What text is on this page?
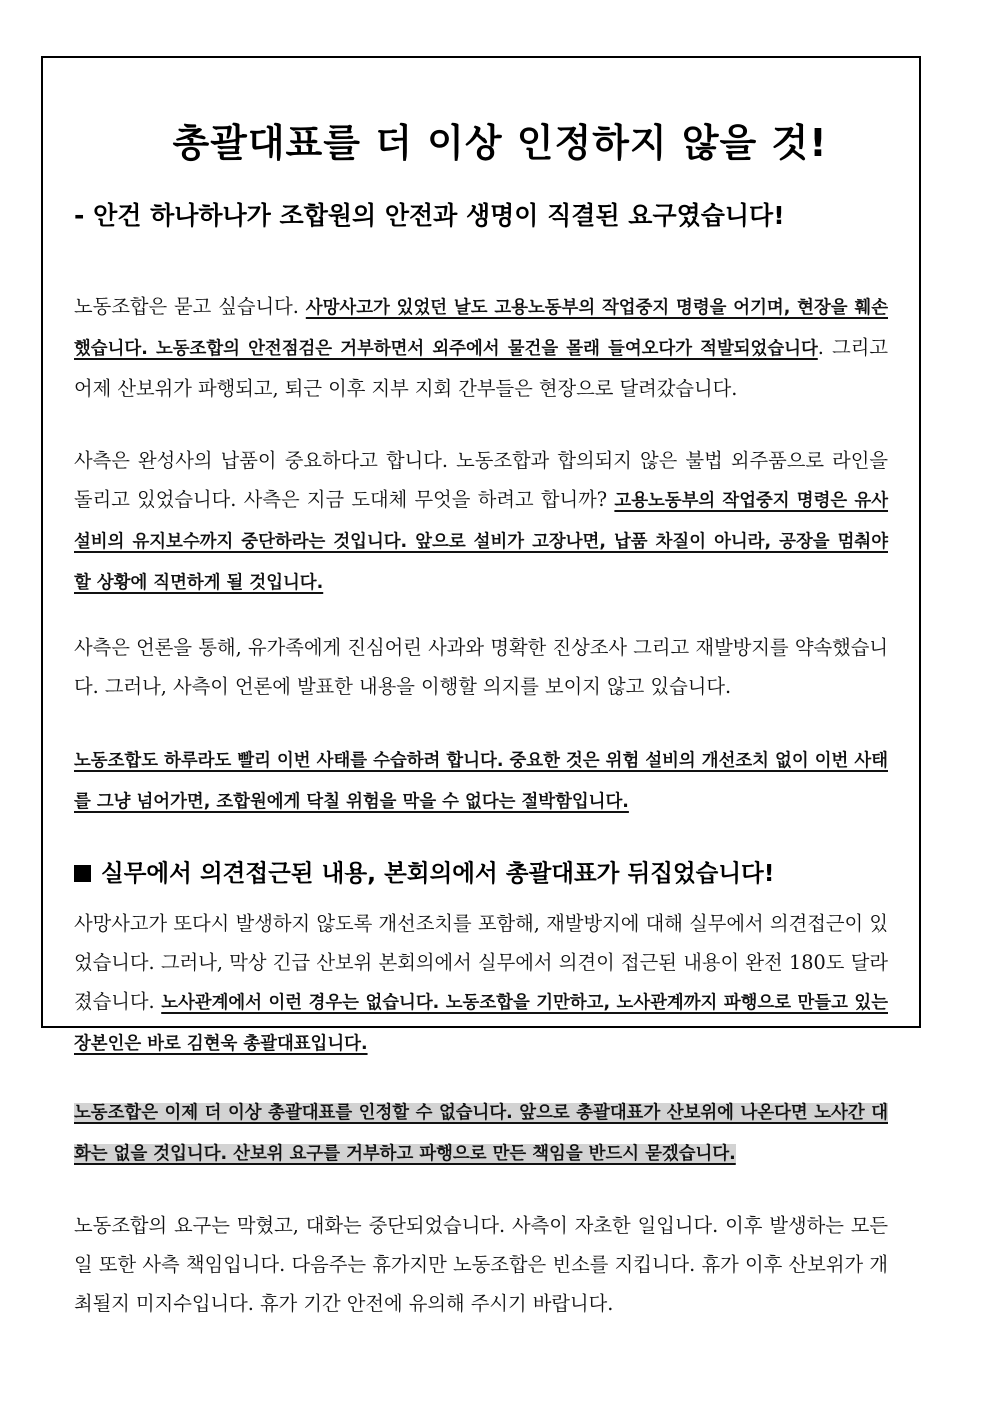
총괄대표를 더 이상 인정하지 않을 것!
- 안건 하나하나가 조합원의 안전과 생명이 직결된 요구였습니다!

노동조합은 묻고 싶습니다. 사망사고가 있었던 날도 고용노동부의 작업중지 명령을 어기며, 현장을 훼손했습니다. 노동조합의 안전점검은 거부하면서 외주에서 물건을 몰래 들여오다가 적발되었습니다. 그리고 어제 산보위가 파행되고, 퇴근 이후 지부 지회 간부들은 현장으로 달려갔습니다.

사측은 완성사의 납품이 중요하다고 합니다. 노동조합과 합의되지 않은 불법 외주품으로 라인을 돌리고 있었습니다. 사측은 지금 도대체 무엇을 하려고 합니까? 고용노동부의 작업중지 명령은 유사설비의 유지보수까지 중단하라는 것입니다. 앞으로 설비가 고장나면, 납품 차질이 아니라, 공장을 멈춰야 할 상황에 직면하게 될 것입니다.

사측은 언론을 통해, 유가족에게 진심어린 사과와 명확한 진상조사 그리고 재발방지를 약속했습니다. 그러나, 사측이 언론에 발표한 내용을 이행할 의지를 보이지 않고 있습니다.

노동조합도 하루라도 빨리 이번 사태를 수습하려 합니다. 중요한 것은 위험 설비의 개선조치 없이 이번 사태를 그냥 넘어가면, 조합원에게 닥칠 위험을 막을 수 없다는 절박함입니다.

실무에서 의견접근된 내용, 본회의에서 총괄대표가 뒤집었습니다!

사망사고가 또다시 발생하지 않도록 개선조치를 포함해, 재발방지에 대해 실무에서 의견접근이 있었습니다. 그러나, 막상 긴급 산보위 본회의에서 실무에서 의견이 접근된 내용이 완전 180도 달라졌습니다. 노사관계에서 이런 경우는 없습니다. 노동조합을 기만하고, 노사관계까지 파행으로 만들고 있는 장본인은 바로 김현욱 총괄대표입니다.

노동조합은 이제 더 이상 총괄대표를 인정할 수 없습니다. 앞으로 총괄대표가 산보위에 나온다면 노사간 대화는 없을 것입니다. 산보위 요구를 거부하고 파행으로 만든 책임을 반드시 묻겠습니다.

노동조합의 요구는 막혔고, 대화는 중단되었습니다. 사측이 자초한 일입니다. 이후 발생하는 모든 일 또한 사측 책임입니다. 다음주는 휴가지만 노동조합은 빈소를 지킵니다. 휴가 이후 산보위가 개최될지 미지수입니다. 휴가 기간 안전에 유의해 주시기 바랍니다.
